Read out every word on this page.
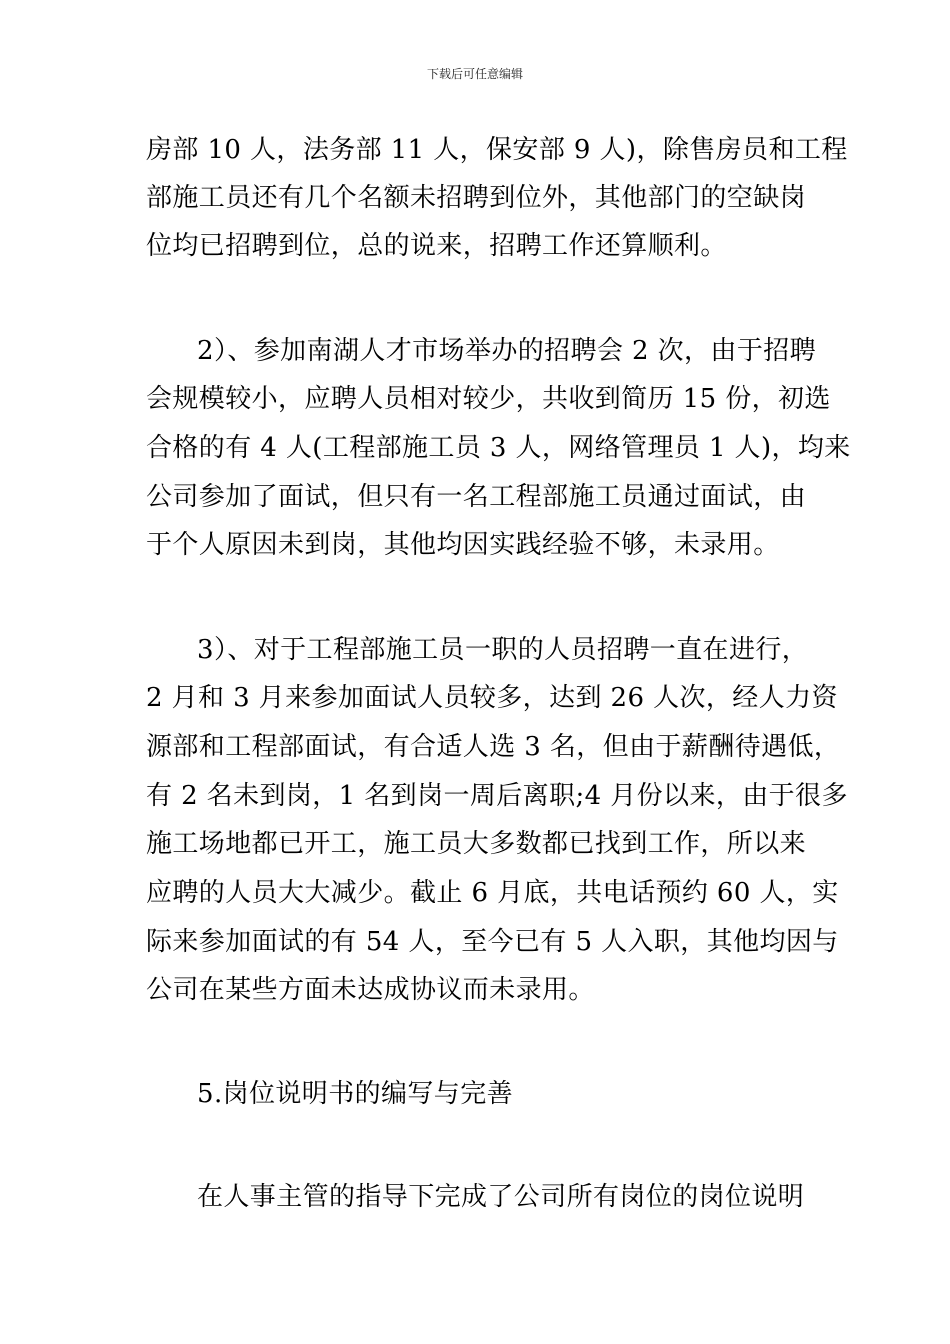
下载后可任意编辑
房部 10 人，法务部 11 人，保安部 9 人)，除售房员和工程
部施工员还有几个名额未招聘到位外，其他部门的空缺岗
位均已招聘到位，总的说来，招聘工作还算顺利。
2）、参加南湖人才市场举办的招聘会 2 次，由于招聘
会规模较小，应聘人员相对较少，共收到简历 15 份，初选
合格的有 4 人(工程部施工员 3 人，网络管理员 1 人)，均来
公司参加了面试，但只有一名工程部施工员通过面试，由
于个人原因未到岗，其他均因实践经验不够，未录用。
3）、对于工程部施工员一职的人员招聘一直在进行，
2 月和 3 月来参加面试人员较多，达到 26 人次，经人力资
源部和工程部面试，有合适人选 3 名，但由于薪酬待遇低，
有 2 名未到岗，1 名到岗一周后离职;4 月份以来，由于很多
施工场地都已开工，施工员大多数都已找到工作，所以来
应聘的人员大大减少。截止 6 月底，共电话预约 60 人，实
际来参加面试的有 54 人，至今已有 5 人入职，其他均因与
公司在某些方面未达成协议而未录用。
5.岗位说明书的编写与完善
在人事主管的指导下完成了公司所有岗位的岗位说明
